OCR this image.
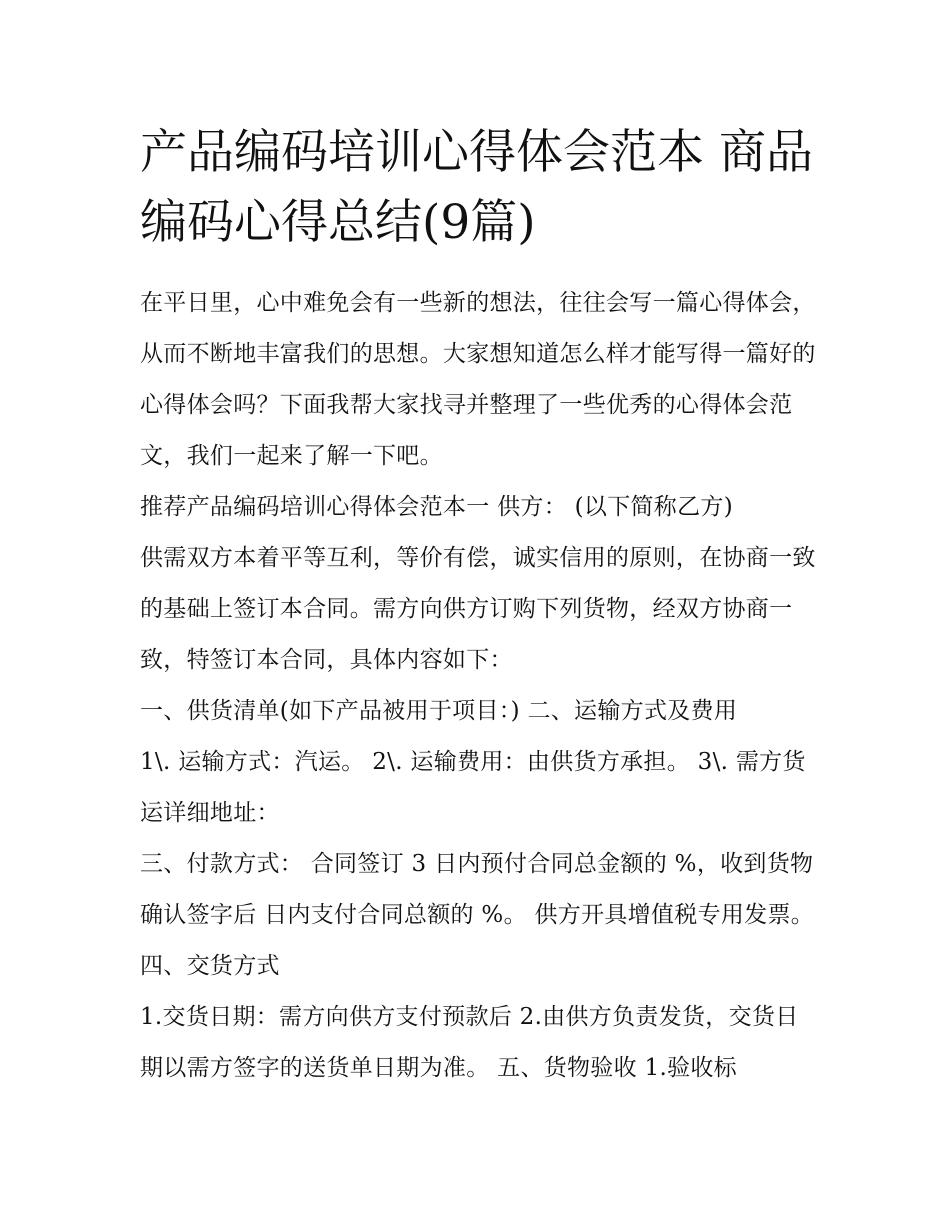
产品编码培训心得体会范本 商品编码心得总结(9篇)

在平日里，心中难免会有一些新的想法，往往会写一篇心得体会，从而不断地丰富我们的思想。大家想知道怎么样才能写得一篇好的心得体会吗？下面我帮大家找寻并整理了一些优秀的心得体会范文，我们一起来了解一下吧。

推荐产品编码培训心得体会范本一 供方： (以下简称乙方)

供需双方本着平等互利，等价有偿，诚实信用的原则，在协商一致的基础上签订本合同。需方向供方订购下列货物，经双方协商一致，特签订本合同，具体内容如下：

一、供货清单(如下产品被用于项目：) 二、运输方式及费用

1\. 运输方式：汽运。 2\. 运输费用：由供货方承担。 3\. 需方货运详细地址：

三、付款方式： 合同签订 3 日内预付合同总金额的 %，收到货物确认签字后 日内支付合同总额的 %。 供方开具增值税专用发票。 四、交货方式

1.交货日期：需方向供方支付预款后 2.由供方负责发货，交货日期以需方签字的送货单日期为准。 五、货物验收 1.验收标
